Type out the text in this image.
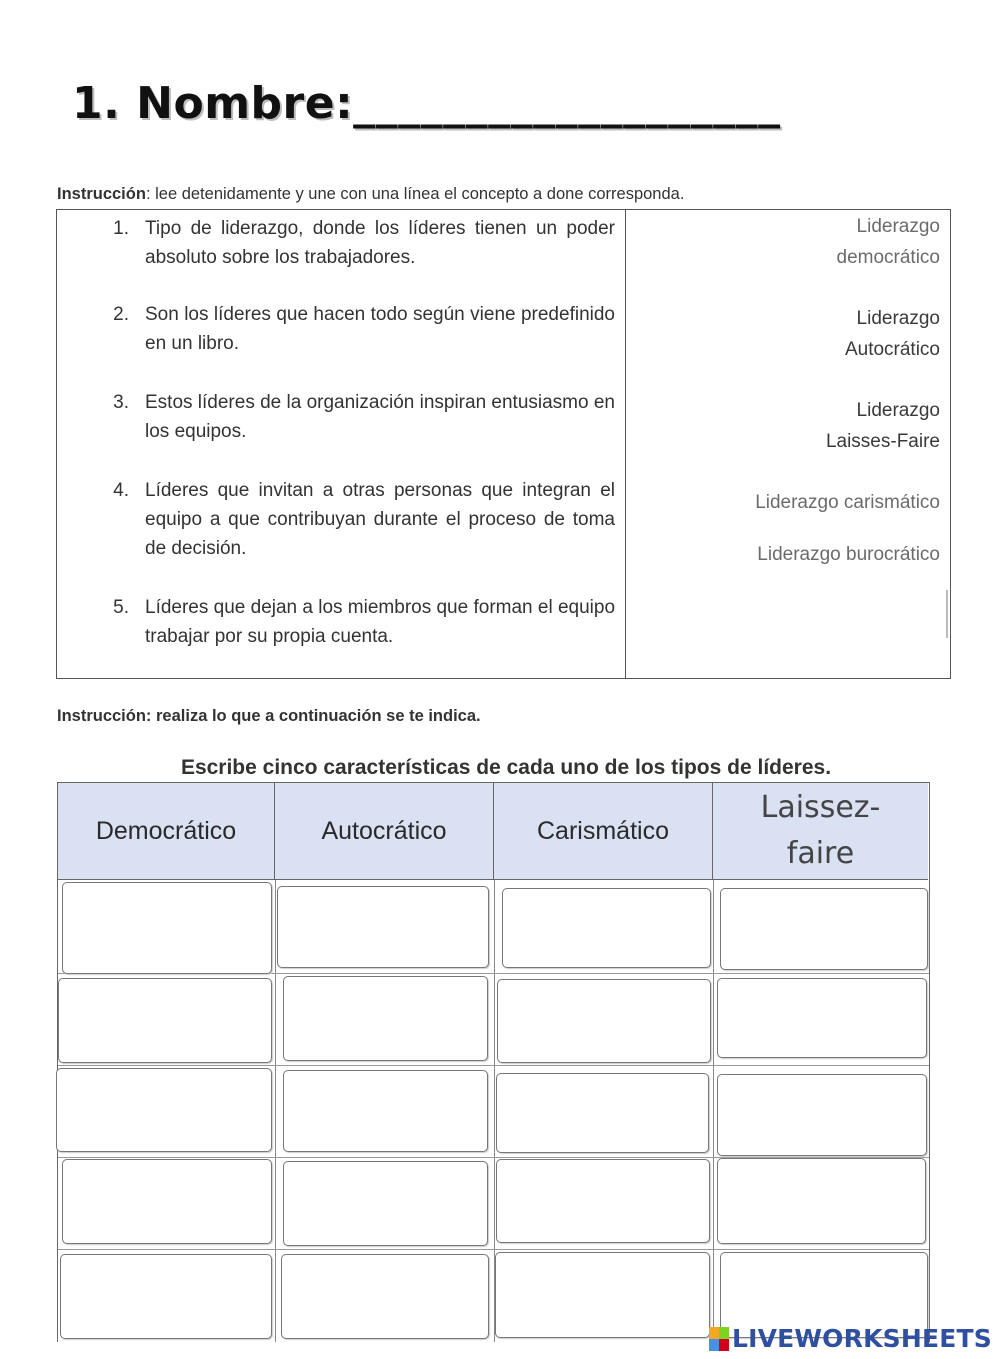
1. Nombre:___________________
Instrucción: lee detenidamente y une con una línea el concepto a done corresponda.
1. Tipo de liderazgo, donde los líderes tienen un poder absoluto sobre los trabajadores.
2. Son los líderes que hacen todo según viene predefinido en un libro.
3. Estos líderes de la organización inspiran entusiasmo en los equipos.
4. Líderes que invitan a otras personas que integran el equipo a que contribuyan durante el proceso de toma de decisión.
5. Líderes que dejan a los miembros que forman el equipo trabajar por su propia cuenta.
Liderazgo
democrático
Liderazgo
Autocrático
Liderazgo
Laisses-Faire
Liderazgo carismático
Liderazgo burocrático
Instrucción: realiza lo que a continuación se te indica.
Escribe cinco características de cada uno de los tipos de líderes.
Democrático	Autocrático	Carismático
Laissez-
faire
LIVEWORKSHEETS
